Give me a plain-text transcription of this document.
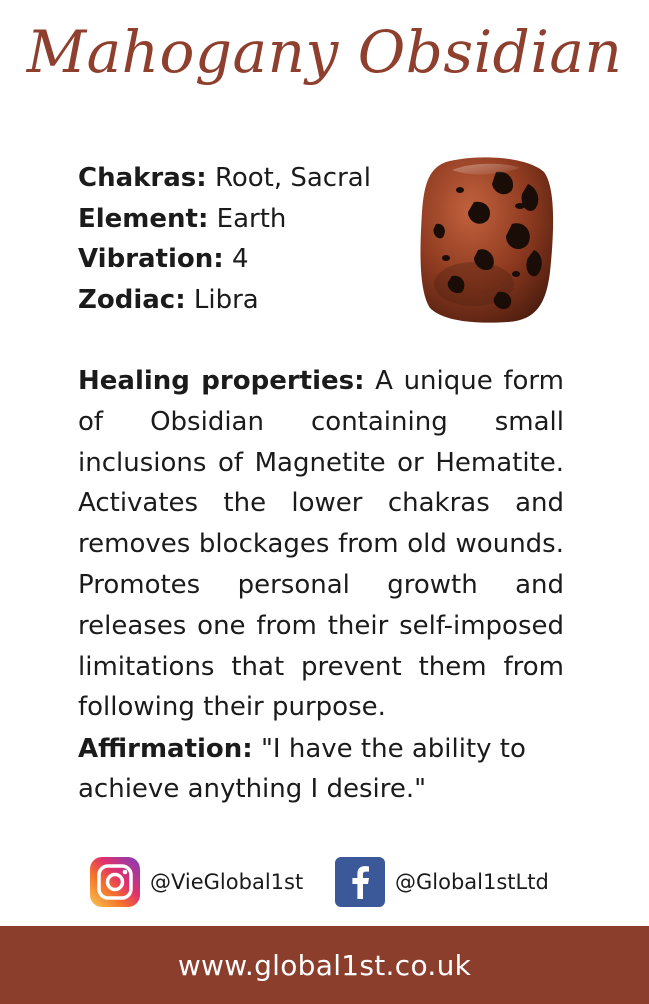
Mahogany Obsidian
Chakras: Root, Sacral
Element: Earth
Vibration: 4
Zodiac: Libra
Healing properties: A unique form of Obsidian containing small inclusions of Magnetite or Hematite. Activates the lower chakras and removes blockages from old wounds. Promotes personal growth and releases one from their self-imposed limitations that prevent them from following their purpose.
Affirmation: "I have the ability to achieve anything I desire."
@VieGlobal1st	@Global1stLtd
www.global1st.co.uk
